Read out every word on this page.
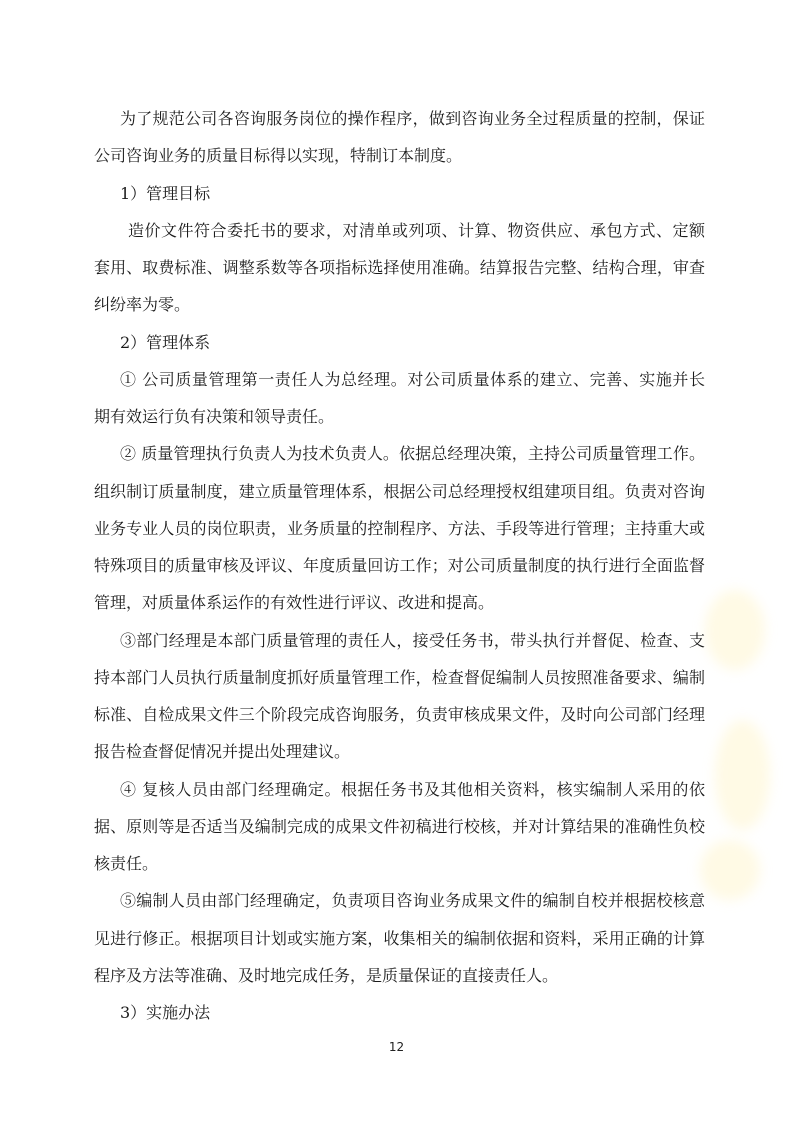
为了规范公司各咨询服务岗位的操作程序，做到咨询业务全过程质量的控制，保证
公司咨询业务的质量目标得以实现，特制订本制度。
1）管理目标
造价文件符合委托书的要求，对清单或列项、计算、物资供应、承包方式、定额
套用、取费标准、调整系数等各项指标选择使用准确。结算报告完整、结构合理，审查
纠纷率为零。
2）管理体系
① 公司质量管理第一责任人为总经理。对公司质量体系的建立、完善、实施并长
期有效运行负有决策和领导责任。
② 质量管理执行负责人为技术负责人。依据总经理决策，主持公司质量管理工作。
组织制订质量制度，建立质量管理体系，根据公司总经理授权组建项目组。负责对咨询
业务专业人员的岗位职责，业务质量的控制程序、方法、手段等进行管理；主持重大或
特殊项目的质量审核及评议、年度质量回访工作；对公司质量制度的执行进行全面监督
管理，对质量体系运作的有效性进行评议、改进和提高。
③部门经理是本部门质量管理的责任人，接受任务书，带头执行并督促、检查、支
持本部门人员执行质量制度抓好质量管理工作，检查督促编制人员按照准备要求、编制
标准、自检成果文件三个阶段完成咨询服务，负责审核成果文件，及时向公司部门经理
报告检查督促情况并提出处理建议。
④ 复核人员由部门经理确定。根据任务书及其他相关资料，核实编制人采用的依
据、原则等是否适当及编制完成的成果文件初稿进行校核，并对计算结果的准确性负校
核责任。
⑤编制人员由部门经理确定，负责项目咨询业务成果文件的编制自校并根据校核意
见进行修正。根据项目计划或实施方案，收集相关的编制依据和资料，采用正确的计算
程序及方法等准确、及时地完成任务，是质量保证的直接责任人。
3）实施办法
12
